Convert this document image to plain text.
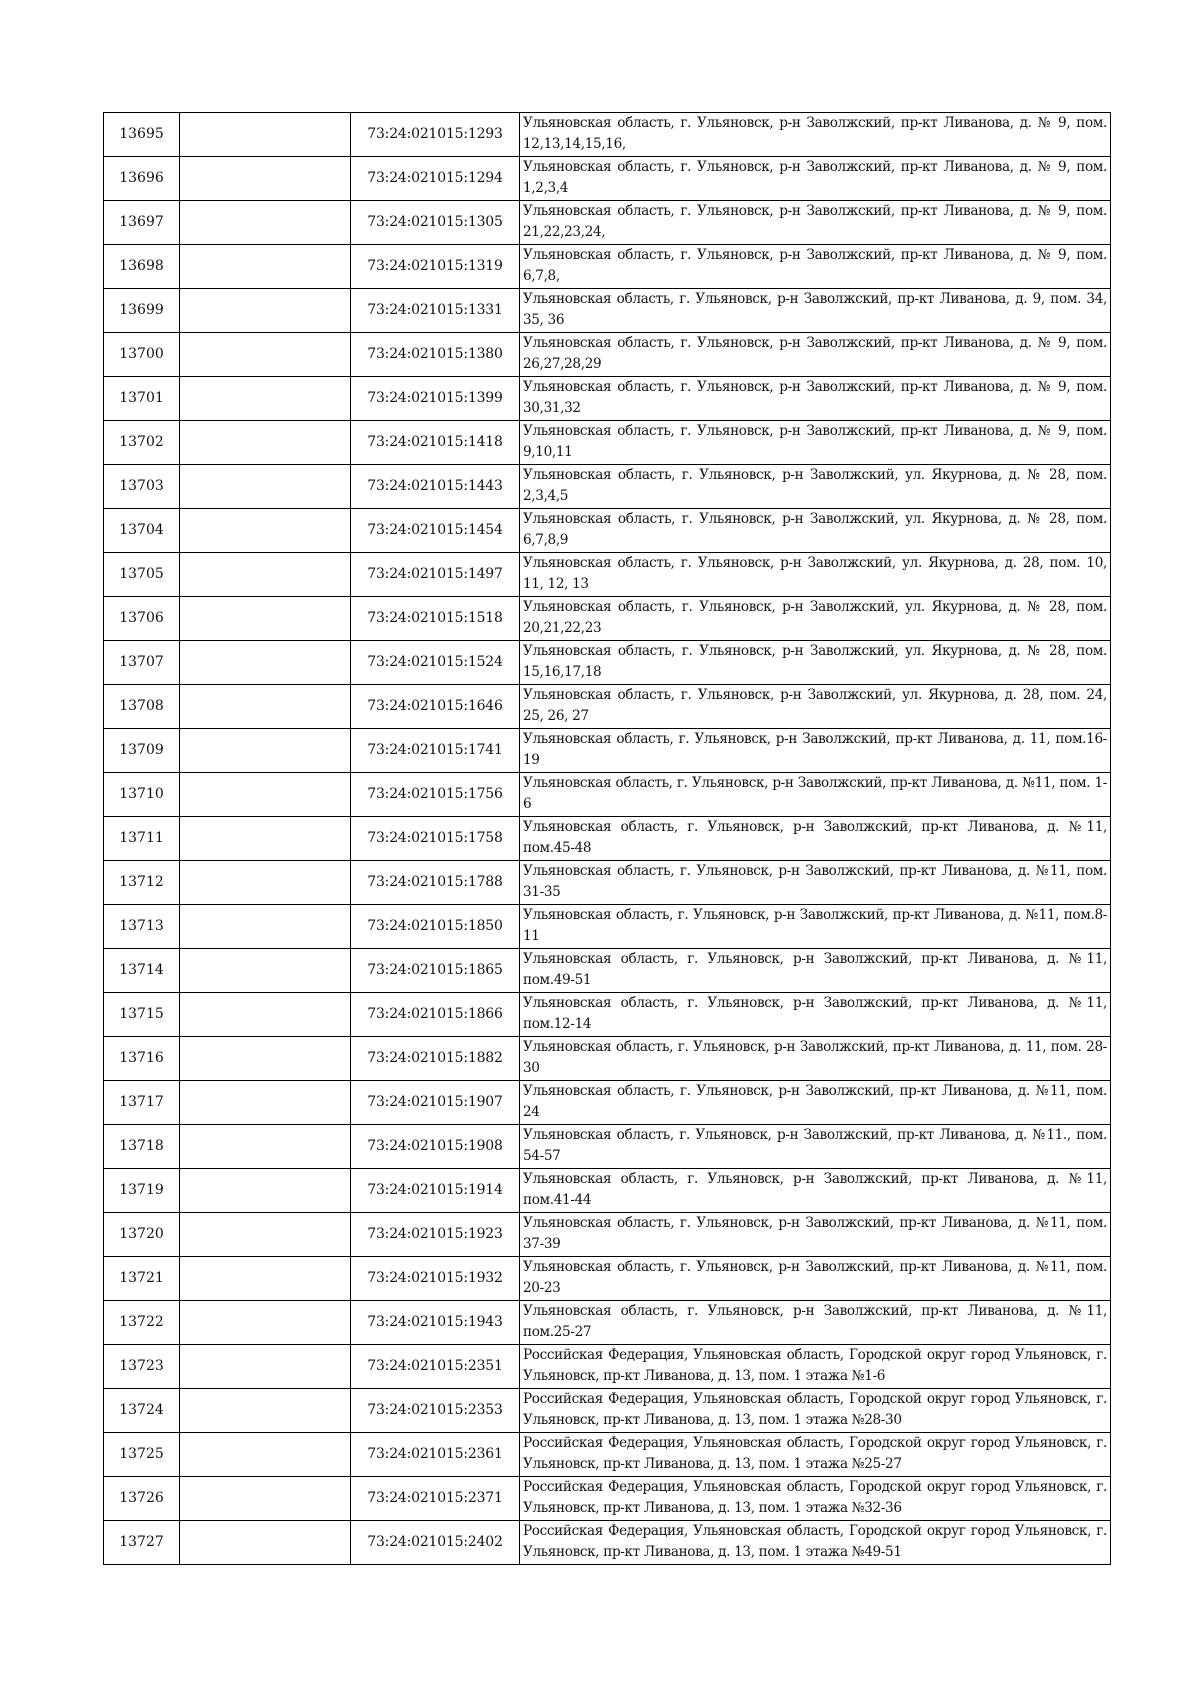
13695		73:24:021015:1293	Ульяновская область, г. Ульяновск, р-н Заволжский, пр-кт Ливанова, д. № 9, пом. 12,13,14,15,16,

13696		73:24:021015:1294	Ульяновская область, г. Ульяновск, р-н Заволжский, пр-кт Ливанова, д. № 9, пом. 1,2,3,4

13697		73:24:021015:1305	Ульяновская область, г. Ульяновск, р-н Заволжский, пр-кт Ливанова, д. № 9, пом. 21,22,23,24,

13698		73:24:021015:1319	Ульяновская область, г. Ульяновск, р-н Заволжский, пр-кт Ливанова, д. № 9, пом. 6,7,8,

13699		73:24:021015:1331	Ульяновская область, г. Ульяновск, р-н Заволжский, пр-кт Ливанова, д. 9, пом. 34, 35, 36

13700		73:24:021015:1380	Ульяновская область, г. Ульяновск, р-н Заволжский, пр-кт Ливанова, д. № 9, пом. 26,27,28,29

13701		73:24:021015:1399	Ульяновская область, г. Ульяновск, р-н Заволжский, пр-кт Ливанова, д. № 9, пом. 30,31,32

13702		73:24:021015:1418	Ульяновская область, г. Ульяновск, р-н Заволжский, пр-кт Ливанова, д. № 9, пом. 9,10,11

13703		73:24:021015:1443	Ульяновская область, г. Ульяновск, р-н Заволжский, ул. Якурнова, д. № 28, пом. 2,3,4,5

13704		73:24:021015:1454	Ульяновская область, г. Ульяновск, р-н Заволжский, ул. Якурнова, д. № 28, пом. 6,7,8,9

13705		73:24:021015:1497	Ульяновская область, г. Ульяновск, р-н Заволжский, ул. Якурнова, д. 28, пом. 10, 11, 12, 13

13706		73:24:021015:1518	Ульяновская область, г. Ульяновск, р-н Заволжский, ул. Якурнова, д. № 28, пом. 20,21,22,23

13707		73:24:021015:1524	Ульяновская область, г. Ульяновск, р-н Заволжский, ул. Якурнова, д. № 28, пом. 15,16,17,18

13708		73:24:021015:1646	Ульяновская область, г. Ульяновск, р-н Заволжский, ул. Якурнова, д. 28, пом. 24, 25, 26, 27

13709		73:24:021015:1741	Ульяновская область, г. Ульяновск, р-н Заволжский, пр-кт Ливанова, д. 11, пом.16-19

13710		73:24:021015:1756	Ульяновская область, г. Ульяновск, р-н Заволжский, пр-кт Ливанова, д. №11, пом. 1-6

13711		73:24:021015:1758	Ульяновская область, г. Ульяновск, р-н Заволжский, пр-кт Ливанова, д. №11, пом.45-48

13712		73:24:021015:1788	Ульяновская область, г. Ульяновск, р-н Заволжский, пр-кт Ливанова, д. №11, пом. 31-35

13713		73:24:021015:1850	Ульяновская область, г. Ульяновск, р-н Заволжский, пр-кт Ливанова, д. №11, пом.8-11

13714		73:24:021015:1865	Ульяновская область, г. Ульяновск, р-н Заволжский, пр-кт Ливанова, д. №11, пом.49-51

13715		73:24:021015:1866	Ульяновская область, г. Ульяновск, р-н Заволжский, пр-кт Ливанова, д. №11, пом.12-14

13716		73:24:021015:1882	Ульяновская область, г. Ульяновск, р-н Заволжский, пр-кт Ливанова, д. 11, пом. 28-30

13717		73:24:021015:1907	Ульяновская область, г. Ульяновск, р-н Заволжский, пр-кт Ливанова, д. №11, пом. 24

13718		73:24:021015:1908	Ульяновская область, г. Ульяновск, р-н Заволжский, пр-кт Ливанова, д. №11., пом. 54-57

13719		73:24:021015:1914	Ульяновская область, г. Ульяновск, р-н Заволжский, пр-кт Ливанова, д. №11, пом.41-44

13720		73:24:021015:1923	Ульяновская область, г. Ульяновск, р-н Заволжский, пр-кт Ливанова, д. №11, пом. 37-39

13721		73:24:021015:1932	Ульяновская область, г. Ульяновск, р-н Заволжский, пр-кт Ливанова, д. №11, пом. 20-23

13722		73:24:021015:1943	Ульяновская область, г. Ульяновск, р-н Заволжский, пр-кт Ливанова, д. №11, пом.25-27

13723		73:24:021015:2351	Российская Федерация, Ульяновская область, Городской округ город Ульяновск, г. Ульяновск, пр-кт Ливанова, д. 13, пом. 1 этажа №1-6

13724		73:24:021015:2353	Российская Федерация, Ульяновская область, Городской округ город Ульяновск, г. Ульяновск, пр-кт Ливанова, д. 13, пом. 1 этажа №28-30

13725		73:24:021015:2361	Российская Федерация, Ульяновская область, Городской округ город Ульяновск, г. Ульяновск, пр-кт Ливанова, д. 13, пом. 1 этажа №25-27

13726		73:24:021015:2371	Российская Федерация, Ульяновская область, Городской округ город Ульяновск, г. Ульяновск, пр-кт Ливанова, д. 13, пом. 1 этажа №32-36

13727		73:24:021015:2402	Российская Федерация, Ульяновская область, Городской округ город Ульяновск, г. Ульяновск, пр-кт Ливанова, д. 13, пом. 1 этажа №49-51
